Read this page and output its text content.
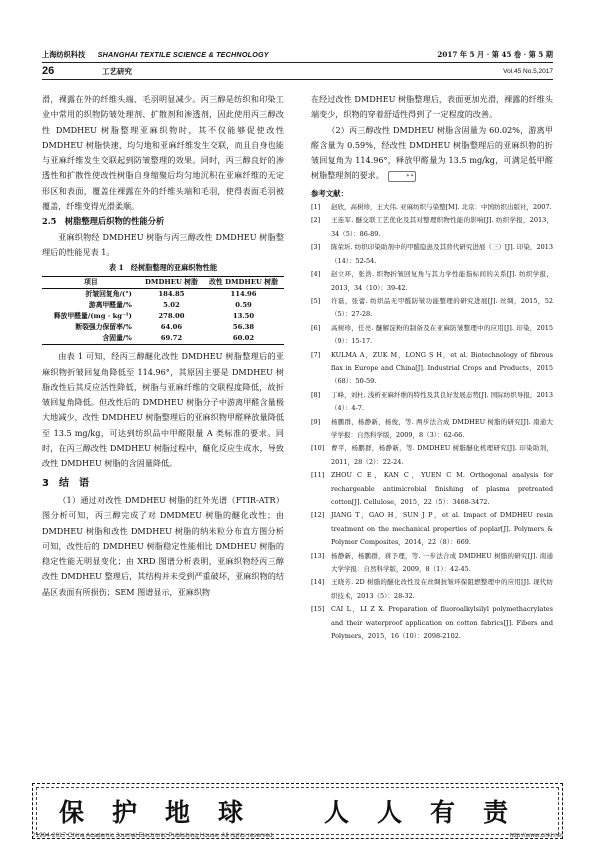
上海纺织科技 SHANGHAI TEXTILE SCIENCE & TECHNOLOGY	2017 年 5 月 · 第 45 卷 · 第 5 期
26	工艺研究	Vol.45 No.5,2017

滑，裸露在外的纤维头端、毛羽明显减少。丙三醇是纺织和印染工业中常用的织物防皱处理剂、扩散剂和渗透剂，因此使用丙三醇改性 DMDHEU 树脂整理亚麻织物时，其不仅能够促使改性 DMDHEU 树脂快速、均匀地和亚麻纤维发生交联，而且自身也能与亚麻纤维发生交联起到防皱整理的效果。同时，丙三醇良好的渗透性和扩散性使改性树脂自身缩聚后均匀地沉积在亚麻纤维的无定形区和表面，覆盖住裸露在外的纤维头端和毛羽，使得表面毛羽被覆盖，纤维变得光滑柔顺。

2.5　树脂整理后织物的性能分析

亚麻织物经 DMDHEU 树脂与丙三醇改性 DMDHEU 树脂整理后的性能见表 1。

表 1　经树脂整理的亚麻织物性能
项目	DMDHEU 树脂	改性 DMDHEU 树脂
折皱回复角/(°)	184.85	114.96
游离甲醛量/%	5.02	0.59
释放甲醛量/(mg · kg⁻¹)	278.00	13.50
断裂强力保留率/%	64.06	56.38
含固量/%	69.72	60.02

由表 1 可知，经丙三醇醚化改性 DMDHEU 树脂整理后的亚麻织物折皱回复角降低至 114.96°，其原因主要是 DMDHEU 树脂改性后其反应活性降低，树脂与亚麻纤维的交联程度降低，故折皱回复角降低。但改性后的 DMDHEU 树脂分子中游离甲醛含量极大地减少，改性 DMDHEU 树脂整理后的亚麻织物甲醛释放量降低至 13.5 mg/kg，可达到纺织品中甲醛限量 A 类标准的要求。同时，在丙三醇改性 DMDHEU 树脂过程中，醚化反应生成水，导致改性 DMDHEU 树脂的含固量降低。

3　结　语

（1）通过对改性 DMDHEU 树脂的红外光谱（FTIR-ATR）图分析可知，丙三醇完成了对 DMDMEU 树脂的醚化改性；由 DMDHEU 树脂和改性 DMDHEU 树脂的纳米粒分布直方图分析可知，改性后的 DMDHEU 树脂稳定性能相比 DMDHEU 树脂的稳定性能无明显变化；由 XRD 图谱分析表明，亚麻织物经丙三醇改性 DMDHEU 整理后，其结构并未受到严重破坏，亚麻织物的结晶区表面有所损伤；SEM 图谱显示，亚麻织物

在经过改性 DMDHEU 树脂整理后，表面更加光滑，裸露的纤维头端变少，织物的穿着舒适性得到了一定程度的改善。

（2）丙三醇改性 DMDHEU 树脂含固量为 60.02%，游离甲醛含量为 0.59%，经改性 DMDHEU 树脂整理后的亚麻织物的折皱回复角为 114.96°，释放甲醛量为 13.5 mg/kg，可满足低甲醛树脂整理剂的要求。	✦✦

参考文献：
[1]	赵欣，高树珍，王大伟. 亚麻纺织与染整[M]. 北京：中国纺织出版社，2007.
[2]	王连军. 醚交联工艺优化及其对整理织物性能的影响[J]. 纺织学报，2013，34（5）：86-89.
[3]	陈荣圻. 纺织印染助剂中的甲醛隐患及其替代研究进展（三）[J]. 印染，2013（14）：52-54.
[4]	赵立环，张浩. 织物折皱回复角与其力学性能指标间的关系[J]. 纺织学报，2013，34（10）：39-42.
[5]	许磊，张蕾. 纺织品无甲醛防皱功能整理的研究进展[J]. 丝绸，2015，52（5）：27-28.
[6]	高树珍，任亮. 醚解淀粉的制备及在亚麻防皱整理中的应用[J]. 印染，2015（9）：15-17.
[7]	KULMA A，ZUK M，LONG S H，et al. Biotechnology of fibrous flax in Europe and China[J]. Industrial Crops and Products，2015（68）：50-59.
[8]	丁峰，刘杜. 浅析亚麻纤维的特性及其良好发展态势[J]. 国际纺织导报，2013（4）：4-7.
[9]	杨鹏群，杨静新，杨俊，等. 两步法合成 DMDHEU 树脂的研究[J]. 南通大学学报：自然科学版，2009，8（3）：62-66.
[10]	曹平，杨鹏群，杨静新，等. DMDHEU 树脂醚化机理研究[J]. 印染助剂，2011，28（2）：22-24.
[11]	ZHOU C E，KAN C，YUEN C M. Orthogonal analysis for rechargeable antimicrobial finishing of plasma pretreated cotton[J]. Cellulose，2015，22（5）：3468-3472.
[12]	JIANG T，GAO H，SUN J P，et al. Impact of DMDHEU resin treatment on the mechanical properties of poplar[J]. Polymers & Polymer Composites，2014，22（8）：669.
[13]	杨静新，杨鹏群，蒋予理，等. 一步法合成 DMDHEU 树脂的研究[J]. 南通大学学报：自然科学版，2009，8（1）：42-45.
[14]	王晓芳. 2D 树脂的醚化改性及在丝绸抗皱环保阻燃整理中的应用[J]. 现代纺织技术，2013（5）：28-32.
[15]	CAI L，LI Z X. Preparation of fluoroalkylsilyl polymethacrylates and their waterproof application on cotton fabrics[J]. Fibers and Polymers，2015，16（10）：2098-2102.
保护地球　人人有责
?1994-2017 China Academic Journal Electronic Publishing House. All rights reserved.	http://www.cnki.net
